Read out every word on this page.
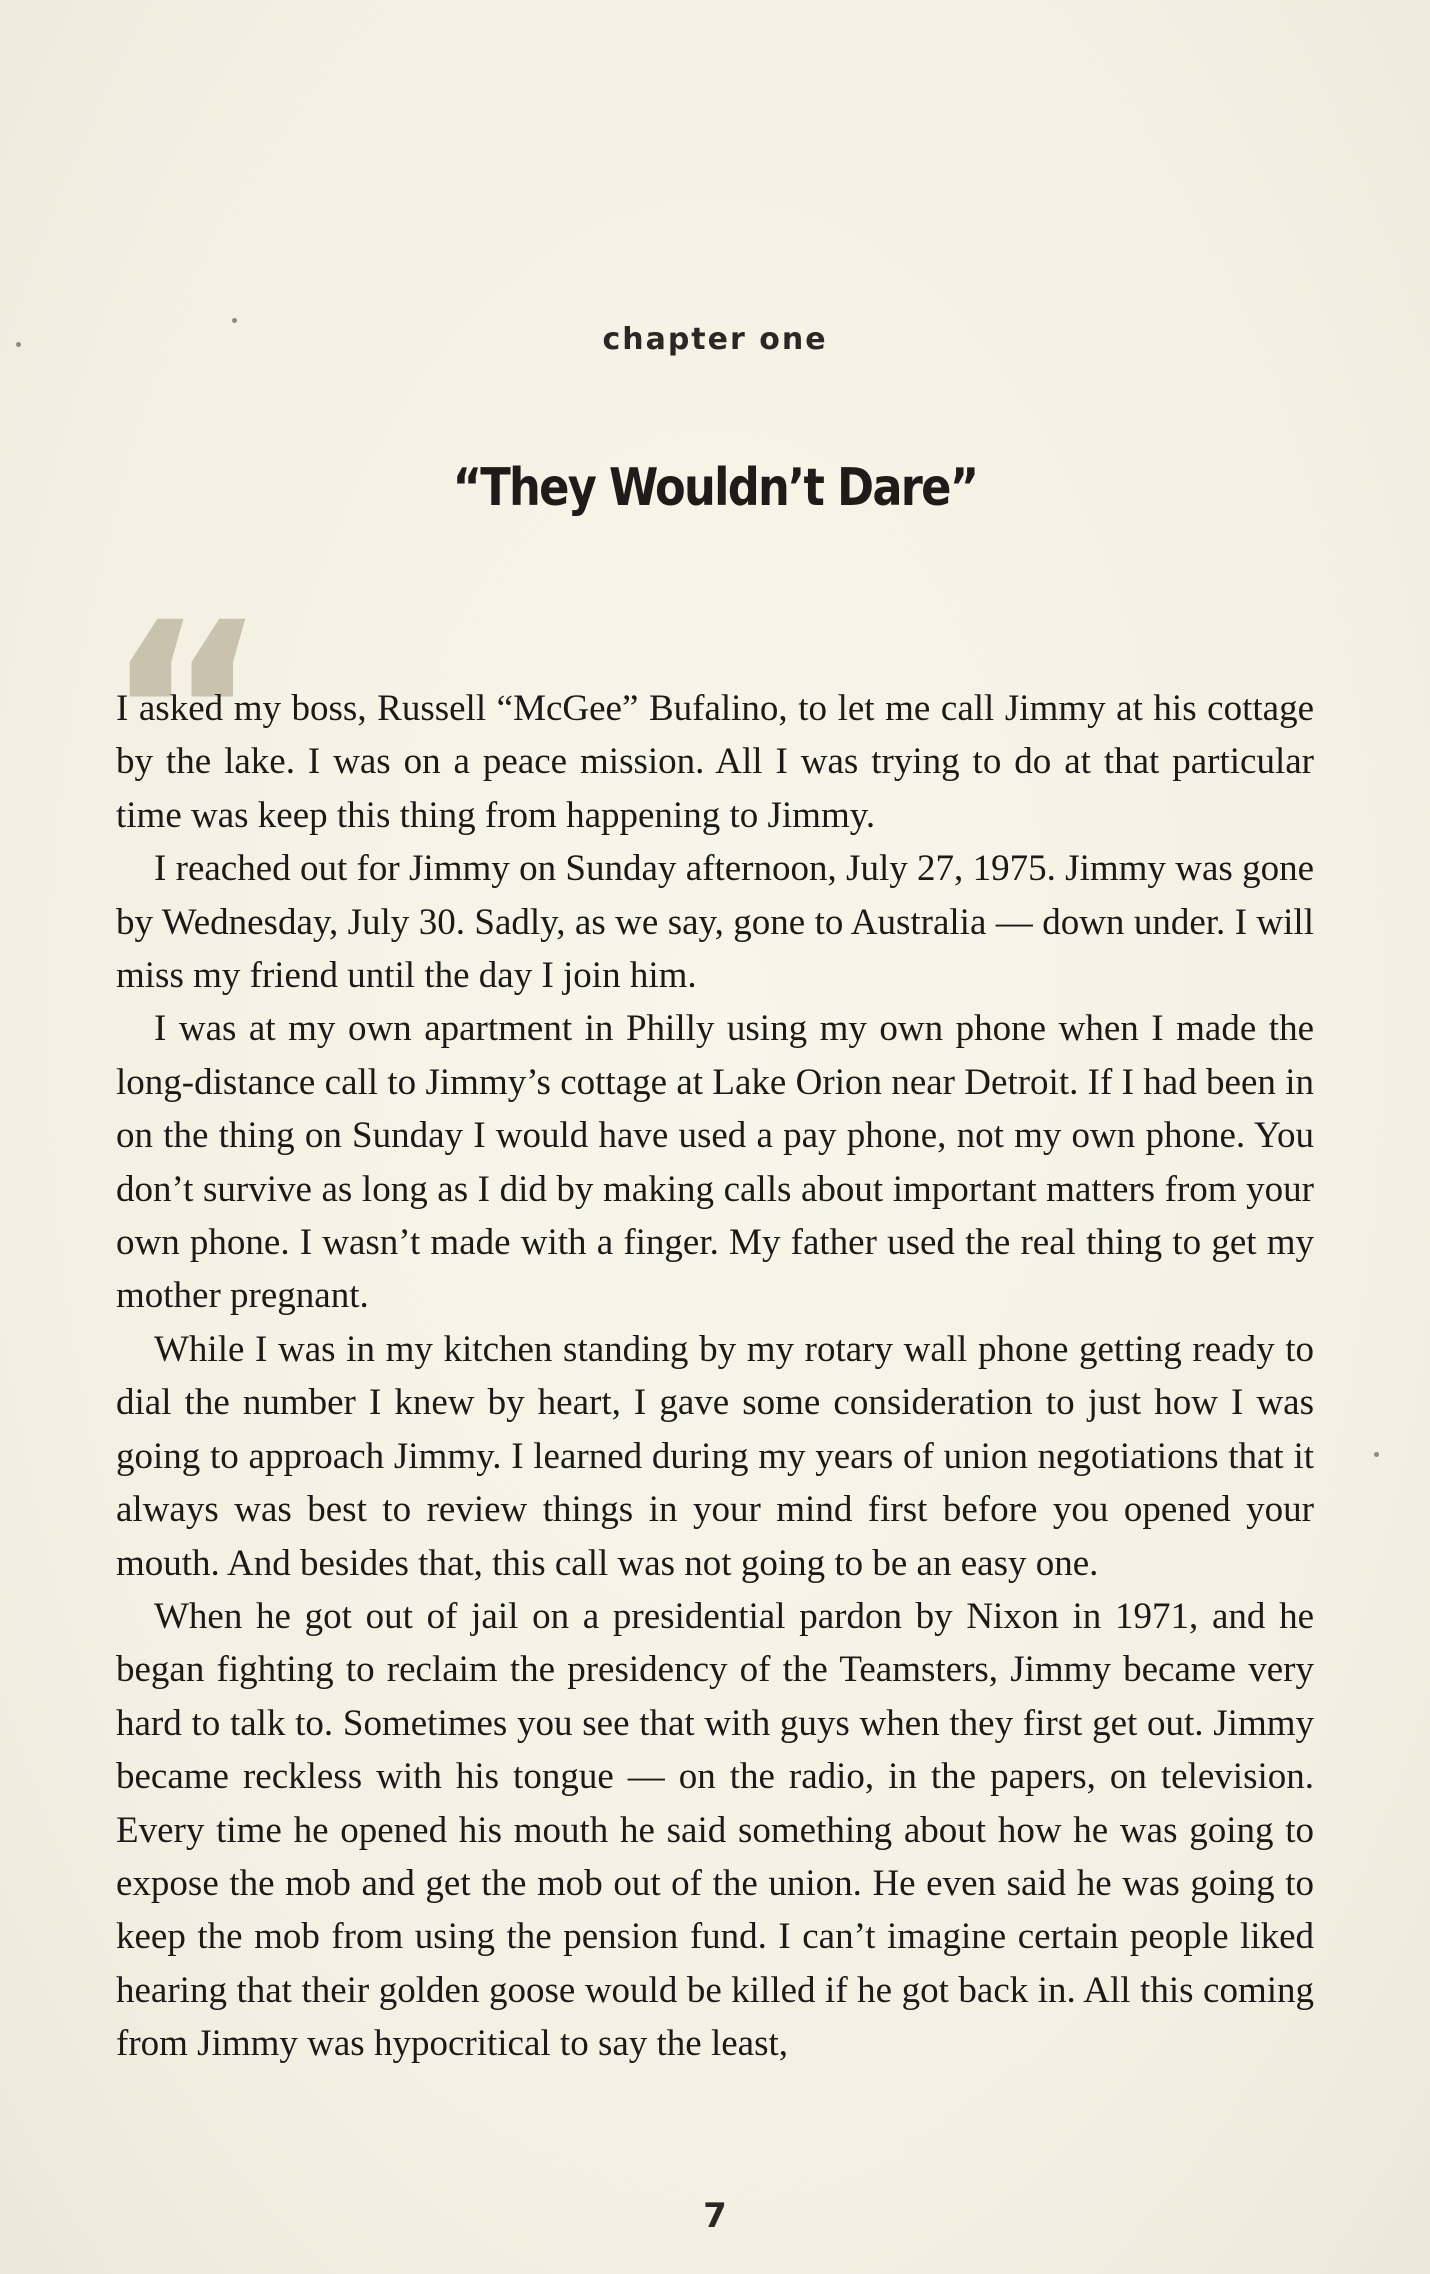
chapter one
“They Wouldn’t Dare”
“

I asked my boss, Russell “McGee” Bufalino, to let me call Jimmy at his cottage by the lake. I was on a peace mission. All I was trying to do at that particular time was keep this thing from happening to Jimmy.

I reached out for Jimmy on Sunday afternoon, July 27, 1975. Jimmy was gone by Wednesday, July 30. Sadly, as we say, gone to Australia — down under. I will miss my friend until the day I join him.

I was at my own apartment in Philly using my own phone when I made the long-distance call to Jimmy’s cottage at Lake Orion near Detroit. If I had been in on the thing on Sunday I would have used a pay phone, not my own phone. You don’t survive as long as I did by making calls about important matters from your own phone. I wasn’t made with a finger. My father used the real thing to get my mother pregnant.

While I was in my kitchen standing by my rotary wall phone getting ready to dial the number I knew by heart, I gave some consideration to just how I was going to approach Jimmy. I learned during my years of union negotiations that it always was best to review things in your mind first before you opened your mouth. And besides that, this call was not going to be an easy one.

When he got out of jail on a presidential pardon by Nixon in 1971, and he began fighting to reclaim the presidency of the Teamsters, Jimmy became very hard to talk to. Sometimes you see that with guys when they first get out. Jimmy became reckless with his tongue — on the radio, in the papers, on television. Every time he opened his mouth he said something about how he was going to expose the mob and get the mob out of the union. He even said he was going to keep the mob from using the pension fund. I can’t imagine certain people liked hearing that their golden goose would be killed if he got back in. All this coming from Jimmy was hypocritical to say the least,

7
